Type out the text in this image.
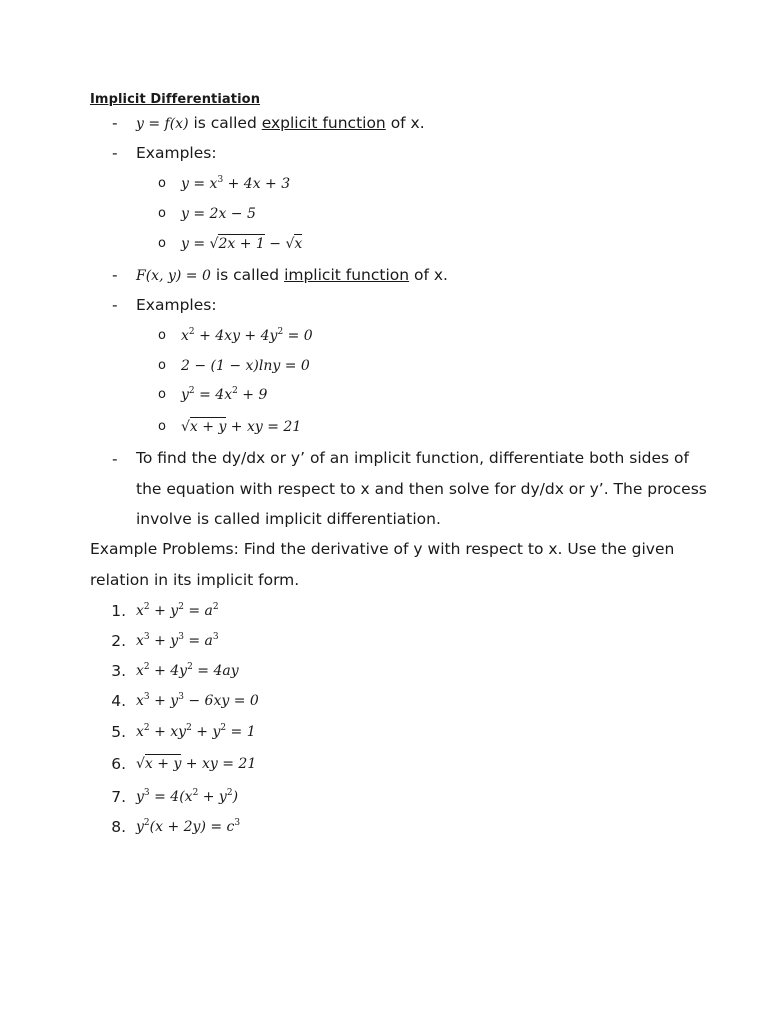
Implicit Differentiation
- y = f(x) is called explicit function of x.
- Examples:
o $y = x^3 + 4x + 3$
o y = 2x − 5
o y = √2x + 1 − √x
- F(x, y) = 0 is called implicit function of x.
- Examples:
o $x^2 + 4xy + 4y^2 = 0$
o 2 − (1 − x)lny = 0
o $y^2 = 4x^2 + 9$
o √x + y + xy = 21
- To find the dy/dx or y’ of an implicit function, differentiate both sides of
the equation with respect to x and then solve for dy/dx or y’. The process
involve is called implicit differentiation.
Example Problems: Find the derivative of y with respect to x. Use the given
relation in its implicit form.
1. $x^2 + y^2 = a^2$
2. $x^3 + y^3 = a^3$
3. $x^2 + 4y^2 = 4ay$
4. $x^3 + y^3 - 6xy = 0$
5. $x^2 + xy^2 + y^2 = 1$
6. √x + y + xy = 21
7. $y^3 = 4(x^2 + y^2)$
8. $y^2(x + 2y) = c^3$
